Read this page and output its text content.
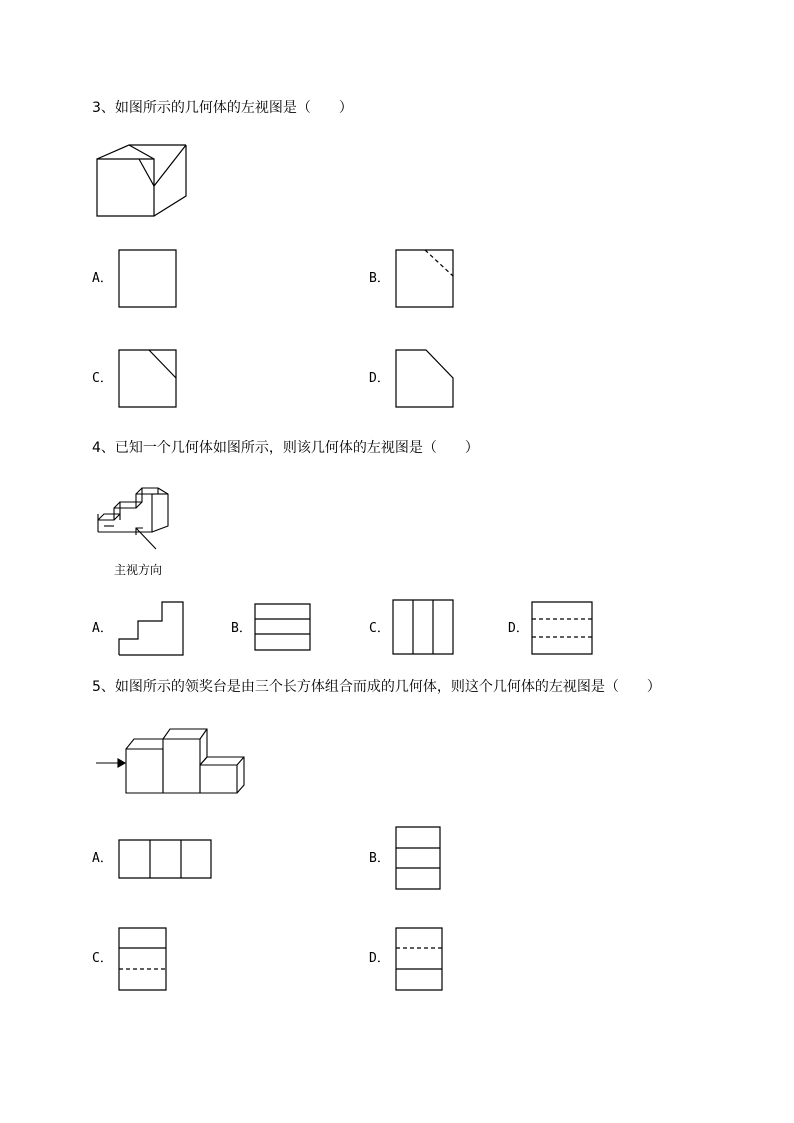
3、如图所示的几何体的左视图是（　　）
A．	B．
C．	D．
4、已知一个几何体如图所示，则该几何体的左视图是（　　）
主视方向
A．	B．	C．	D．
5、如图所示的领奖台是由三个长方体组合而成的几何体，则这个几何体的左视图是（　　）
A．	B．
C．	D．
